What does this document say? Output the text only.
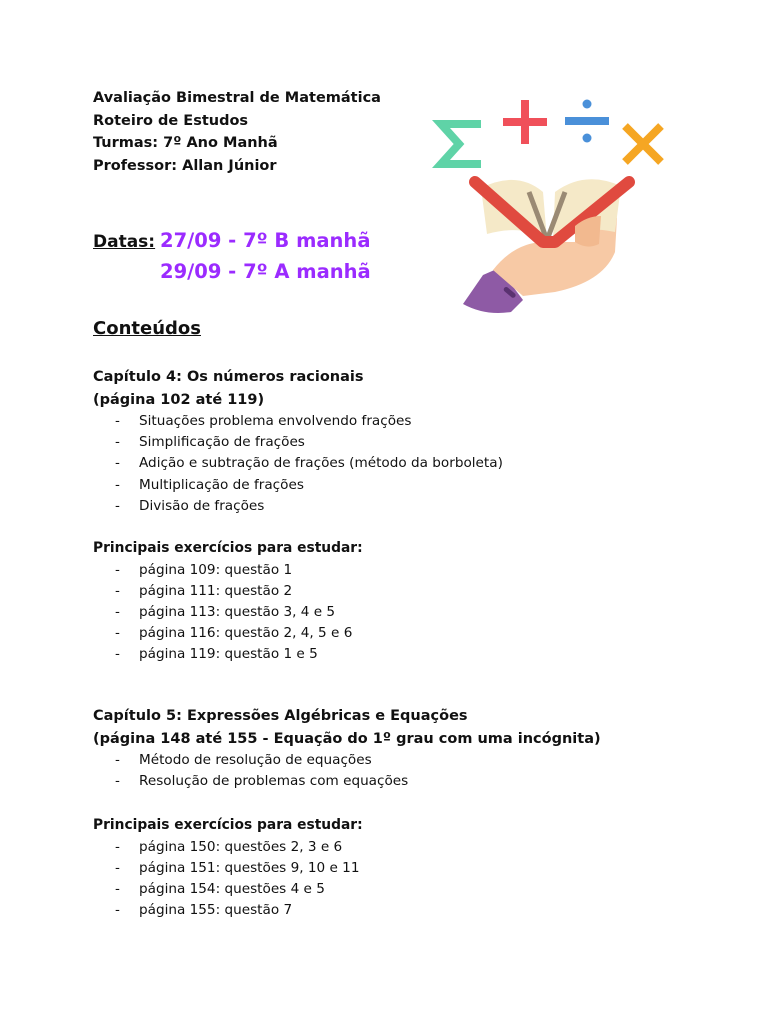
Avaliação Bimestral de Matemática
Roteiro de Estudos
Turmas: 7º Ano Manhã
Professor: Allan Júnior
Datas: 27/09 - 7º B manhã
29/09 - 7º A manhã
Conteúdos
Capítulo 4: Os números racionais
(página 102 até 119)
- Situações problema envolvendo frações
- Simplificação de frações
- Adição e subtração de frações (método da borboleta)
- Multiplicação de frações
- Divisão de frações
Principais exercícios para estudar:
- página 109: questão 1
- página 111: questão 2
- página 113: questão 3, 4 e 5
- página 116: questão 2, 4, 5 e 6
- página 119: questão 1 e 5
Capítulo 5: Expressões Algébricas e Equações
(página 148 até 155 - Equação do 1º grau com uma incógnita)
- Método de resolução de equações
- Resolução de problemas com equações
Principais exercícios para estudar:
- página 150: questões 2, 3 e 6
- página 151: questões 9, 10 e 11
- página 154: questões 4 e 5
- página 155: questão 7
